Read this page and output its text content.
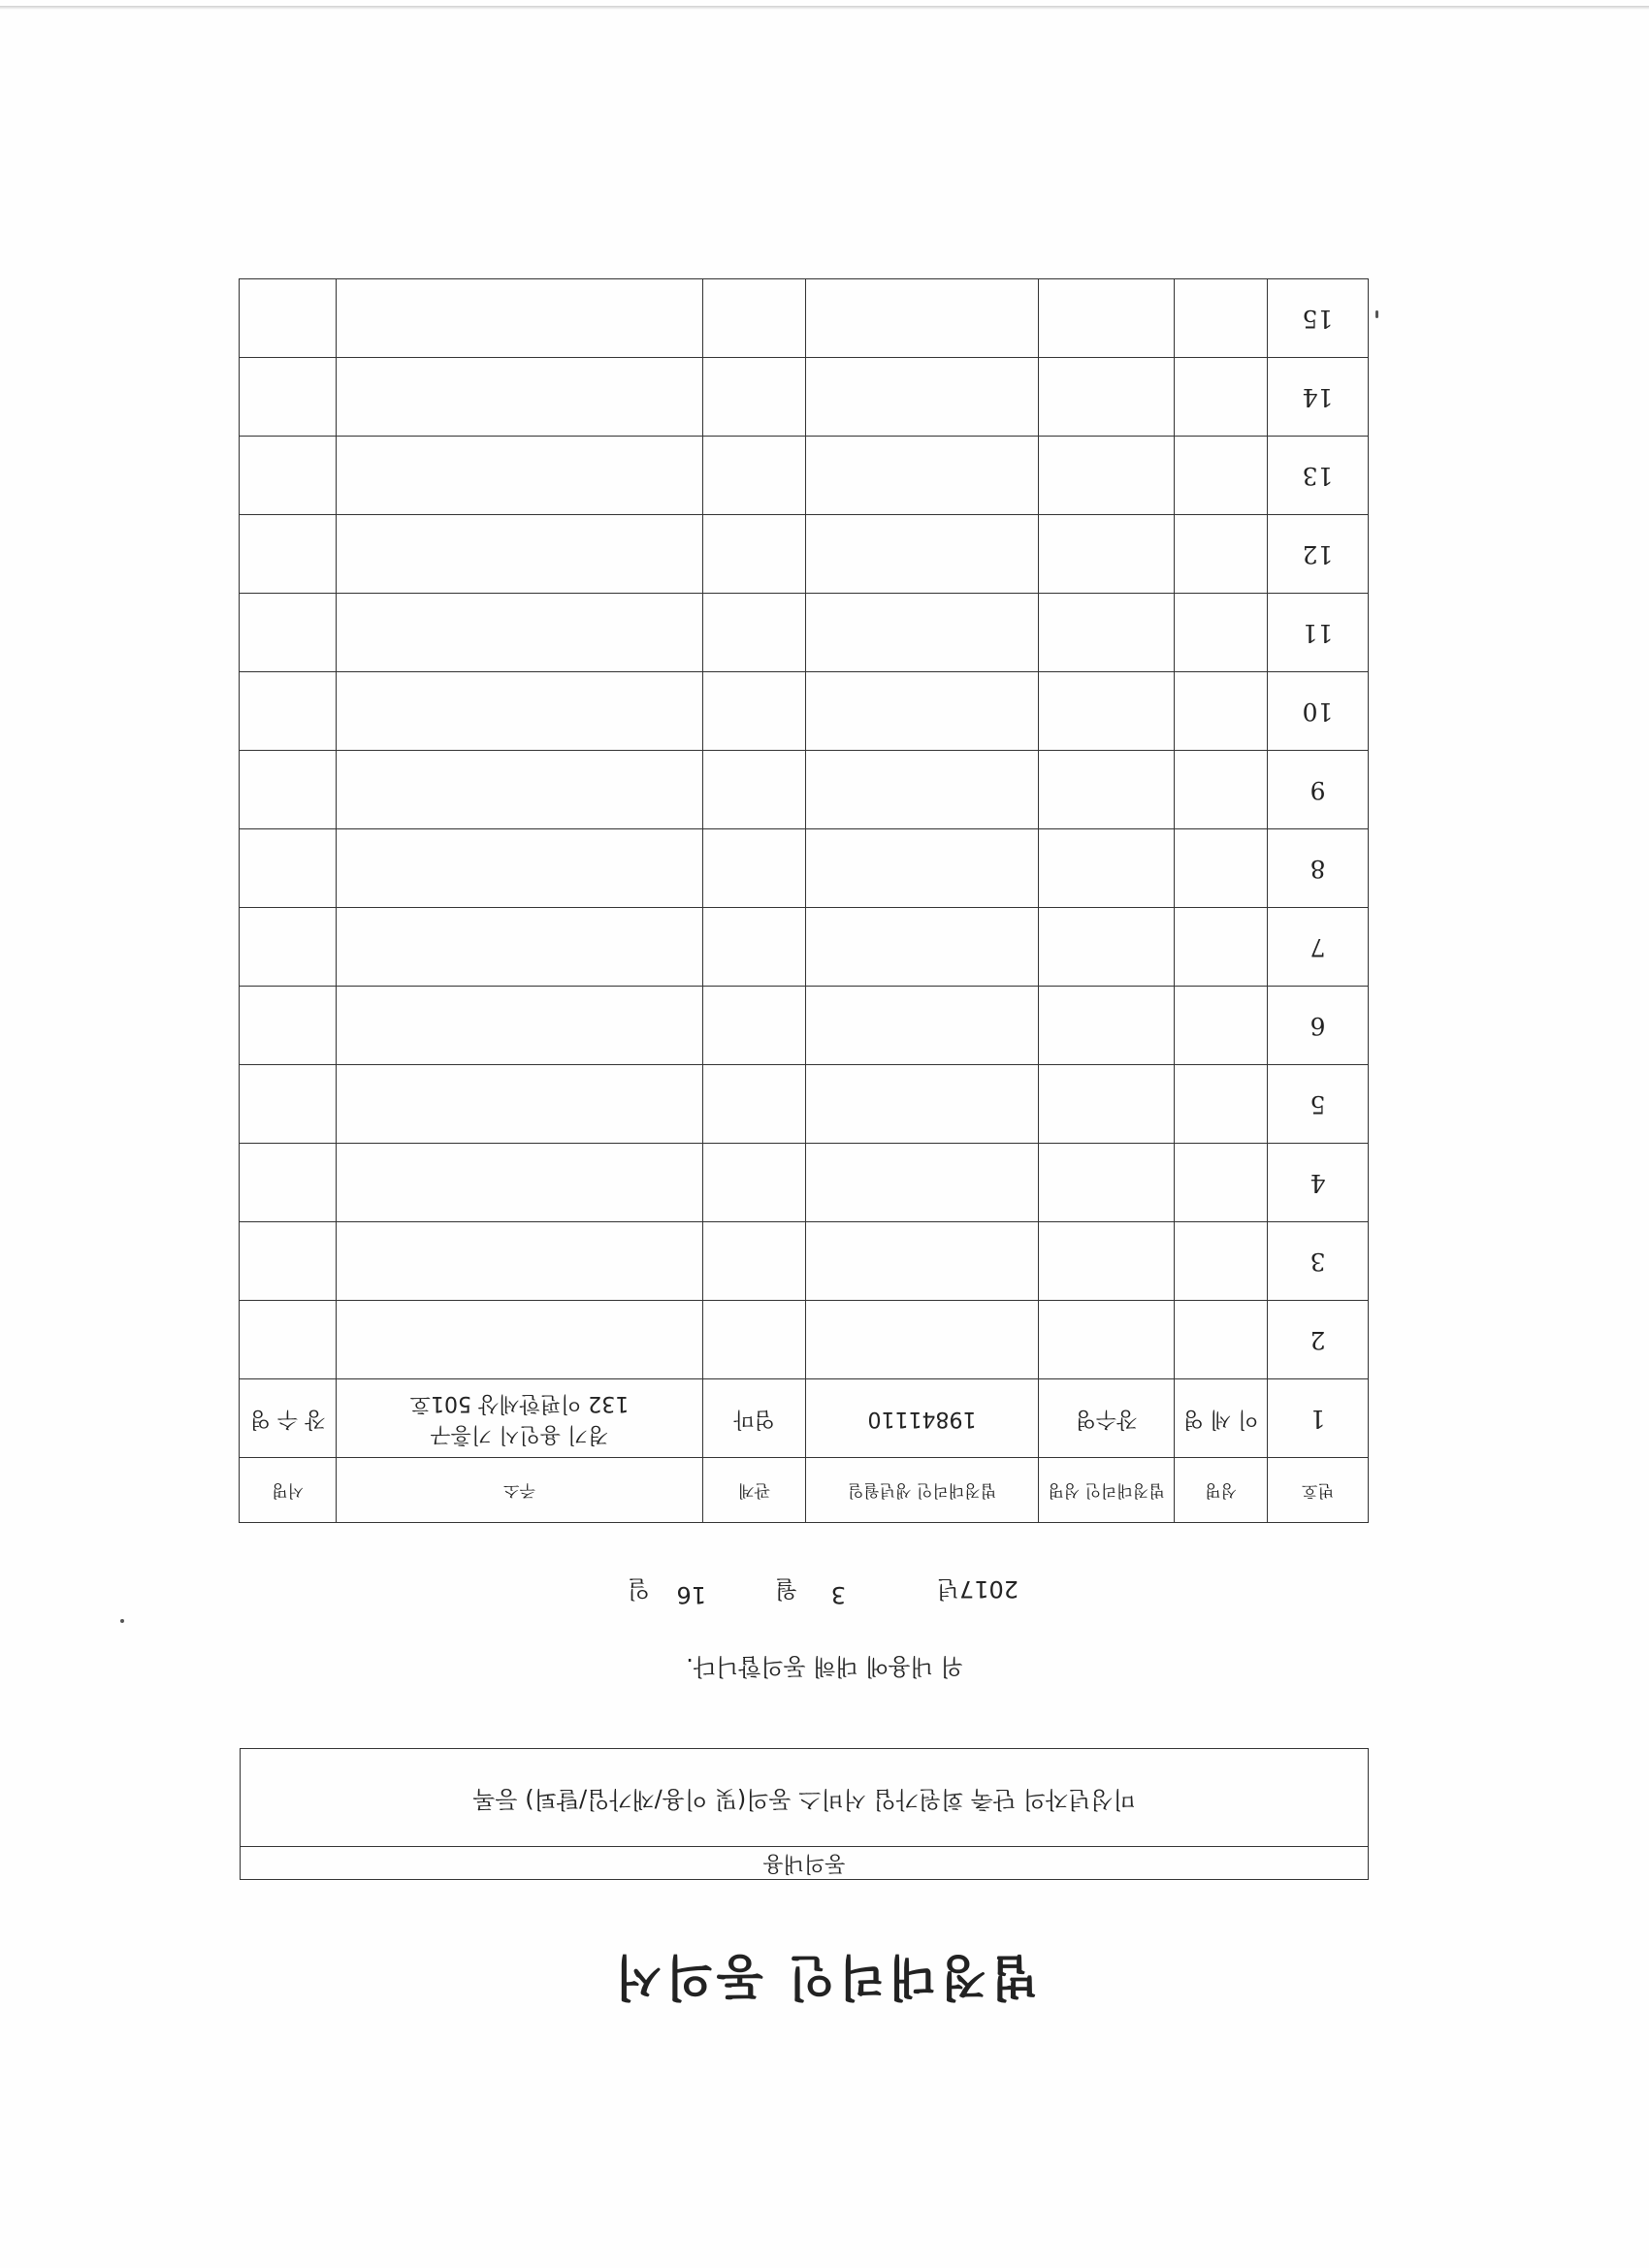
법정대리인 동의서
동의내용
미성년자의 단축 회원가입 서비스 동의(및 이용/재가입/탈퇴) 등록
위 내용에 대해 동의합니다.
2017년
3
월
16
일
번호	성명	법정대리인 성명	법정대리인 생년월일	관계	주소	서명
1	이 세 영	장수영	19841110	엄마	경기 용인시 기흥구
132 이편한세상 501호	장 수 영
2						
3						
4						
5						
6						
7						
8						
9						
10						
11						
12						
13						
14						
15						
